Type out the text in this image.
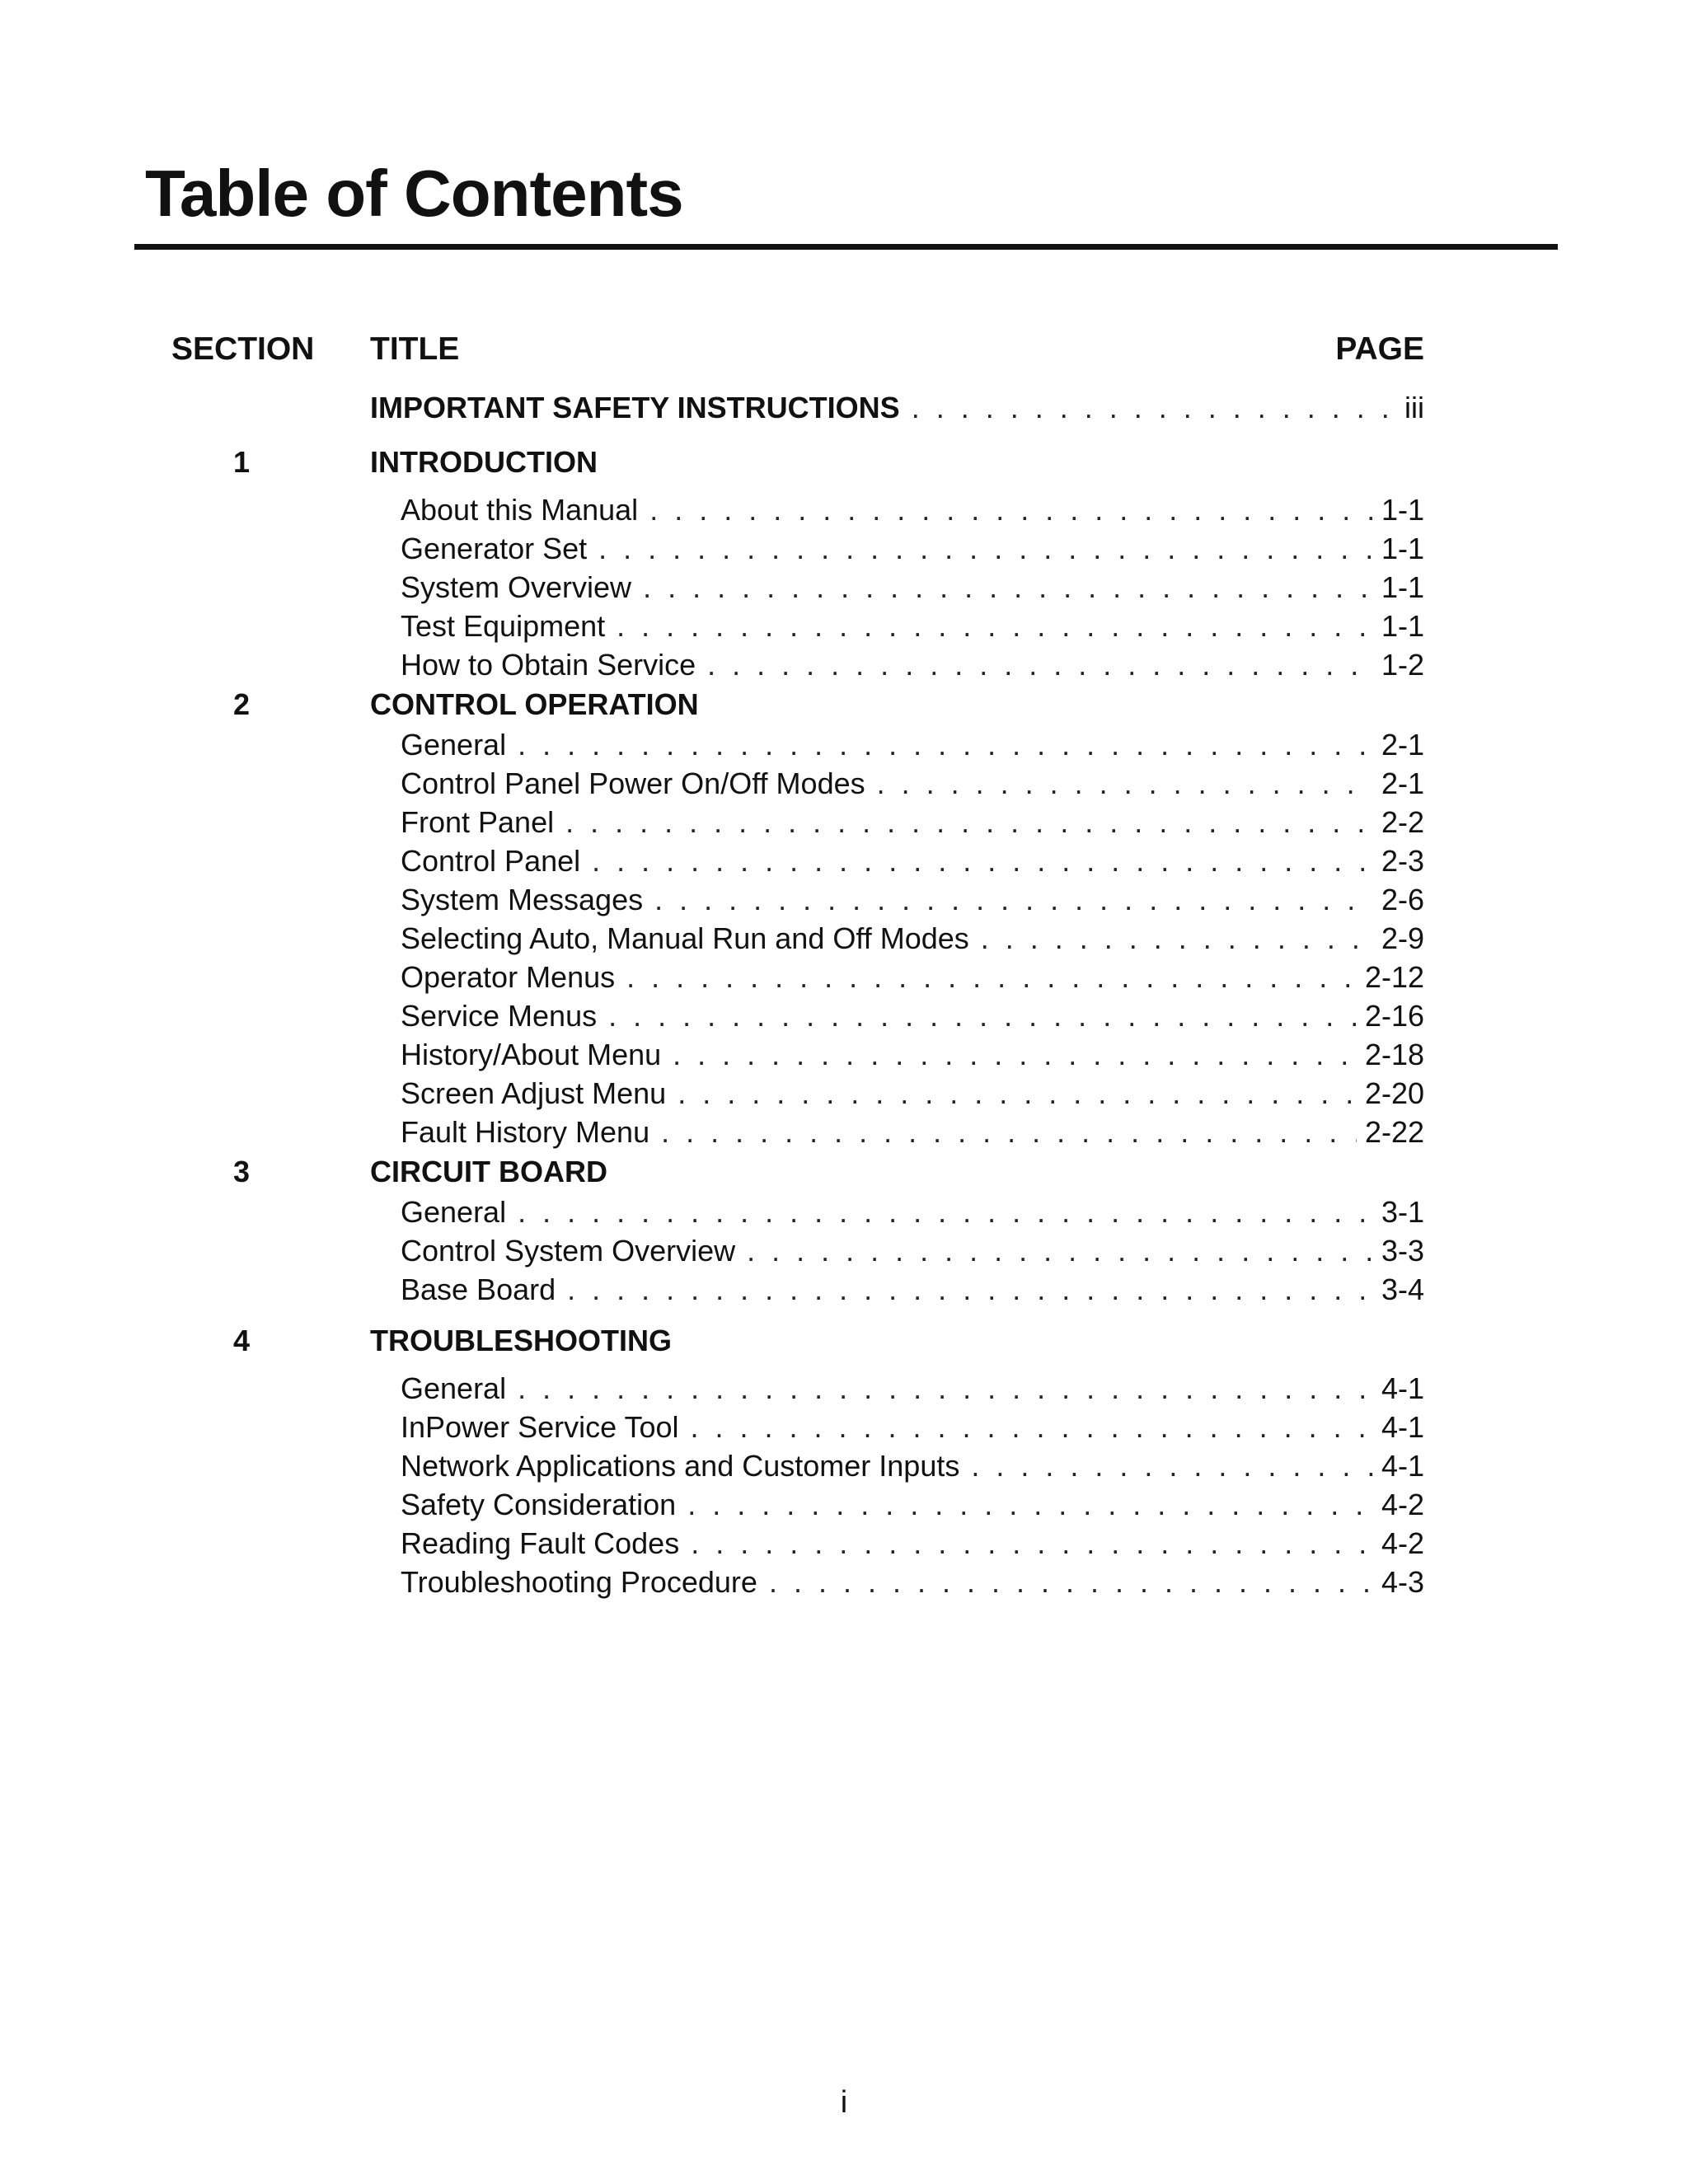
Table of Contents
SECTION TITLE	PAGE
IMPORTANT SAFETY INSTRUCTIONS . . .	iii
1	INTRODUCTION
About this Manual . . .	1-1
Generator Set . . .	1-1
System Overview . . .	1-1
Test Equipment . . .	1-1
How to Obtain Service . . .	1-2
2	CONTROL OPERATION
General . . .	2-1
Control Panel Power On/Off Modes . . .	2-1
Front Panel . . .	2-2
Control Panel . . .	2-3
System Messages . . .	2-6
Selecting Auto, Manual Run and Off Modes . . .	2-9
Operator Menus . . .	2-12
Service Menus . . .	2-16
History/About Menu . . .	2-18
Screen Adjust Menu . . .	2-20
Fault History Menu . . .	2-22
3	CIRCUIT BOARD
General . . .	3-1
Control System Overview . . .	3-3
Base Board . . .	3-4
4	TROUBLESHOOTING
General . . .	4-1
InPower Service Tool . . .	4-1
Network Applications and Customer Inputs . . .	4-1
Safety Consideration . . .	4-2
Reading Fault Codes . . .	4-2
Troubleshooting Procedure . . .	4-3
i
